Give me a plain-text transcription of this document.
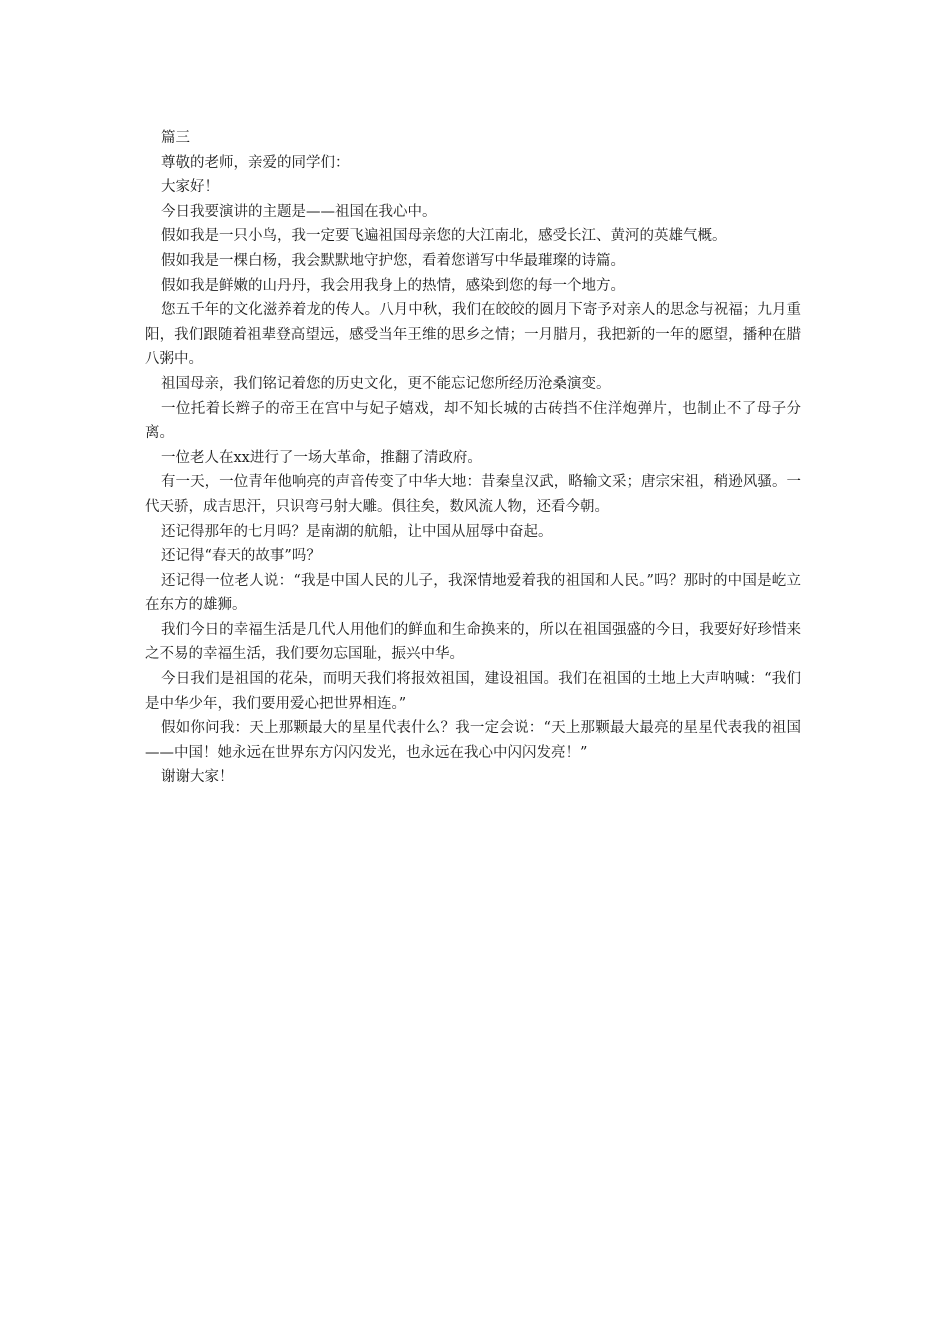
篇三

尊敬的老师，亲爱的同学们：

大家好！

今日我要演讲的主题是——祖国在我心中。

假如我是一只小鸟，我一定要飞遍祖国母亲您的大江南北，感受长江、黄河的英雄气概。

假如我是一棵白杨，我会默默地守护您，看着您谱写中华最璀璨的诗篇。

假如我是鲜嫩的山丹丹，我会用我身上的热情，感染到您的每一个地方。

您五千年的文化滋养着龙的传人。八月中秋，我们在皎皎的圆月下寄予对亲人的思念与祝福；九月重阳，我们跟随着祖辈登高望远，感受当年王维的思乡之情；一月腊月，我把新的一年的愿望，播种在腊八粥中。

祖国母亲，我们铭记着您的历史文化，更不能忘记您所经历沧桑演变。

一位托着长辫子的帝王在宫中与妃子嬉戏，却不知长城的古砖挡不住洋炮弹片，也制止不了母子分离。

一位老人在xx进行了一场大革命，推翻了清政府。

有一天，一位青年他响亮的声音传变了中华大地：昔秦皇汉武，略输文采；唐宗宋祖，稍逊风骚。一代天骄，成吉思汗，只识弯弓射大雕。俱往矣，数风流人物，还看今朝。

还记得那年的七月吗？是南湖的航船，让中国从屈辱中奋起。

还记得“春天的故事”吗？

还记得一位老人说：“我是中国人民的儿子，我深情地爱着我的祖国和人民。”吗？那时的中国是屹立在东方的雄狮。

我们今日的幸福生活是几代人用他们的鲜血和生命换来的，所以在祖国强盛的今日，我要好好珍惜来之不易的幸福生活，我们要勿忘国耻，振兴中华。

今日我们是祖国的花朵，而明天我们将报效祖国，建设祖国。我们在祖国的土地上大声呐喊：“我们是中华少年，我们要用爱心把世界相连。”

假如你问我：天上那颗最大的星星代表什么？我一定会说：“天上那颗最大最亮的星星代表我的祖国——中国！她永远在世界东方闪闪发光，也永远在我心中闪闪发亮！”

谢谢大家！
